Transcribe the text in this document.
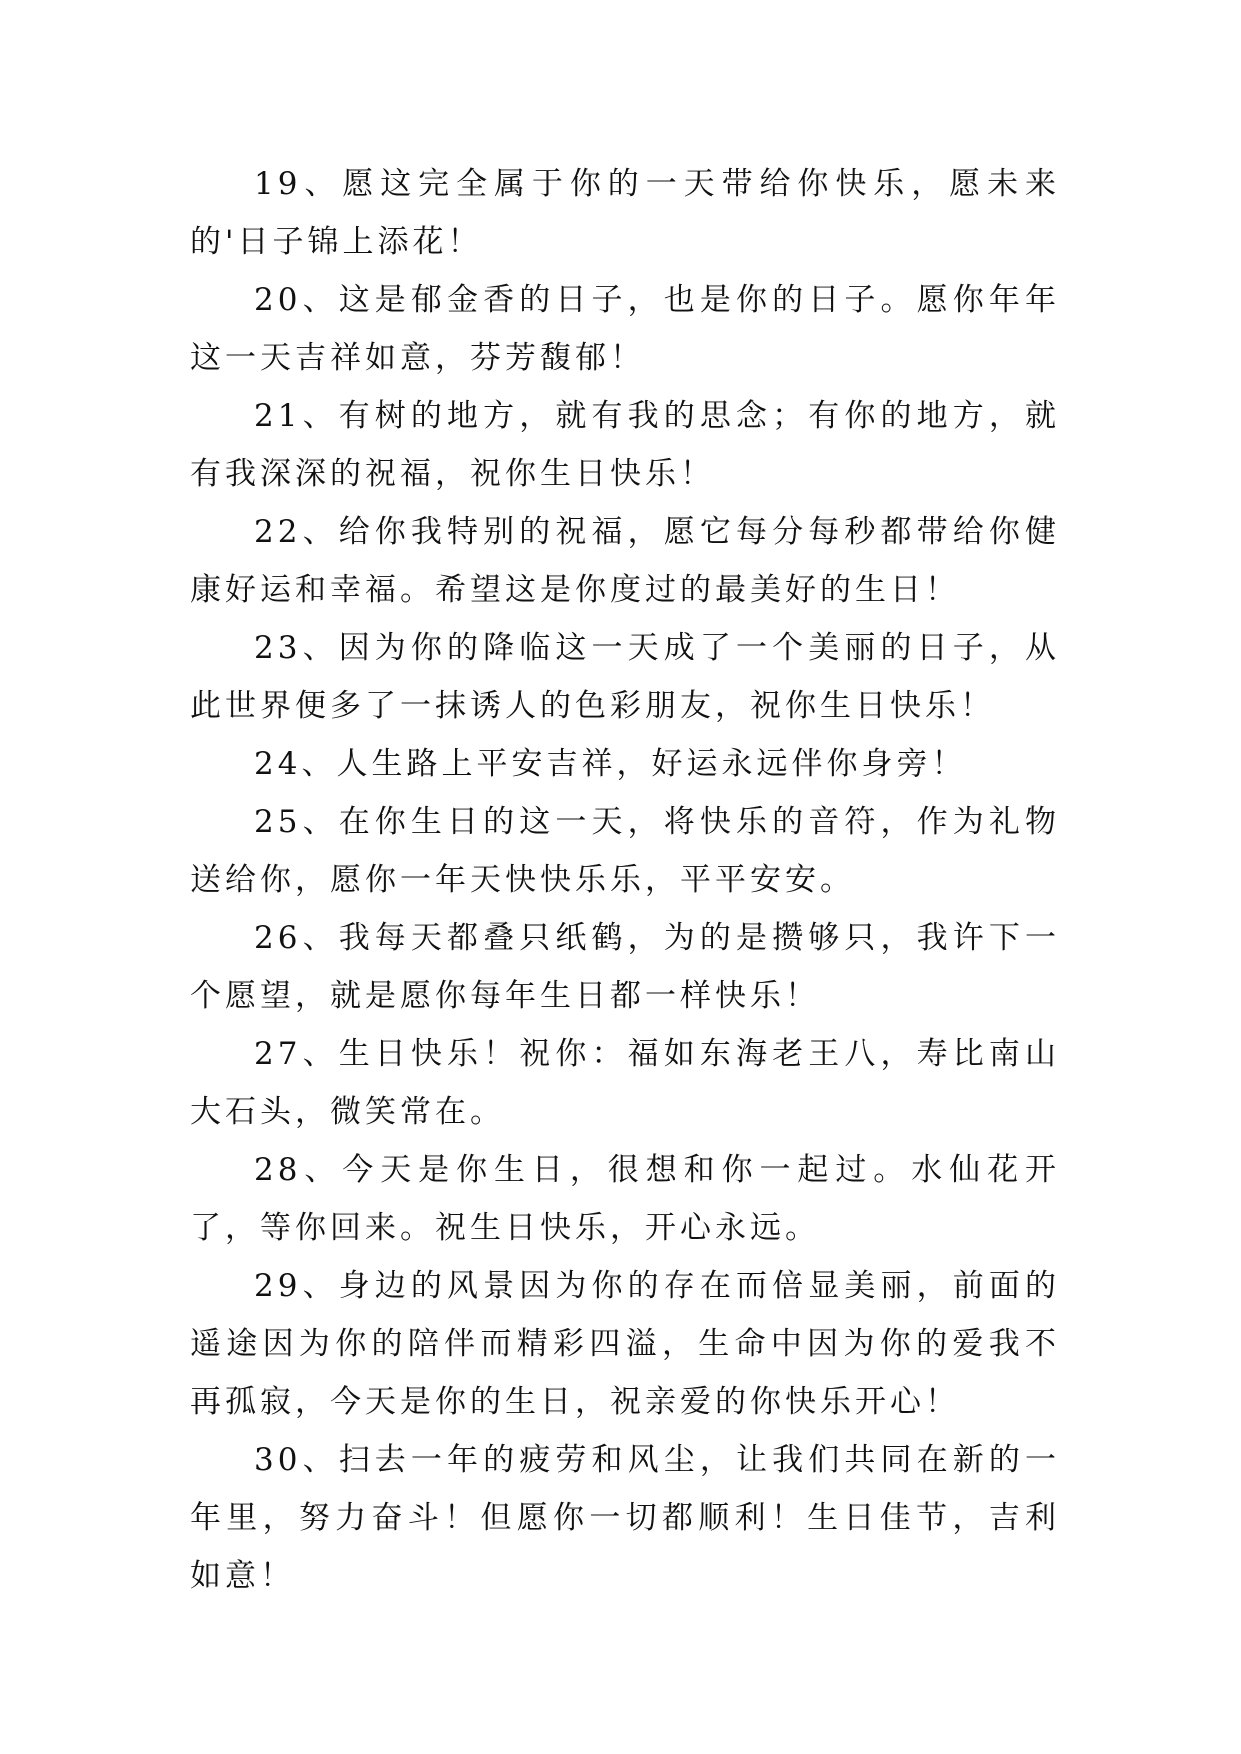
19、愿这完全属于你的一天带给你快乐，愿未来的'日子锦上添花！

20、这是郁金香的日子，也是你的日子。愿你年年这一天吉祥如意，芬芳馥郁！

21、有树的地方，就有我的思念；有你的地方，就有我深深的祝福，祝你生日快乐！

22、给你我特别的祝福，愿它每分每秒都带给你健康好运和幸福。希望这是你度过的最美好的生日！

23、因为你的降临这一天成了一个美丽的日子，从此世界便多了一抹诱人的色彩朋友，祝你生日快乐！

24、人生路上平安吉祥，好运永远伴你身旁！

25、在你生日的这一天，将快乐的音符，作为礼物送给你，愿你一年天快快乐乐，平平安安。

26、我每天都叠只纸鹤，为的是攒够只，我许下一个愿望，就是愿你每年生日都一样快乐！

27、生日快乐！祝你：福如东海老王八，寿比南山大石头，微笑常在。

28、今天是你生日，很想和你一起过。水仙花开了，等你回来。祝生日快乐，开心永远。

29、身边的风景因为你的存在而倍显美丽，前面的遥途因为你的陪伴而精彩四溢，生命中因为你的爱我不再孤寂，今天是你的生日，祝亲爱的你快乐开心！

30、扫去一年的疲劳和风尘，让我们共同在新的一年里，努力奋斗！但愿你一切都顺利！生日佳节，吉利如意！
